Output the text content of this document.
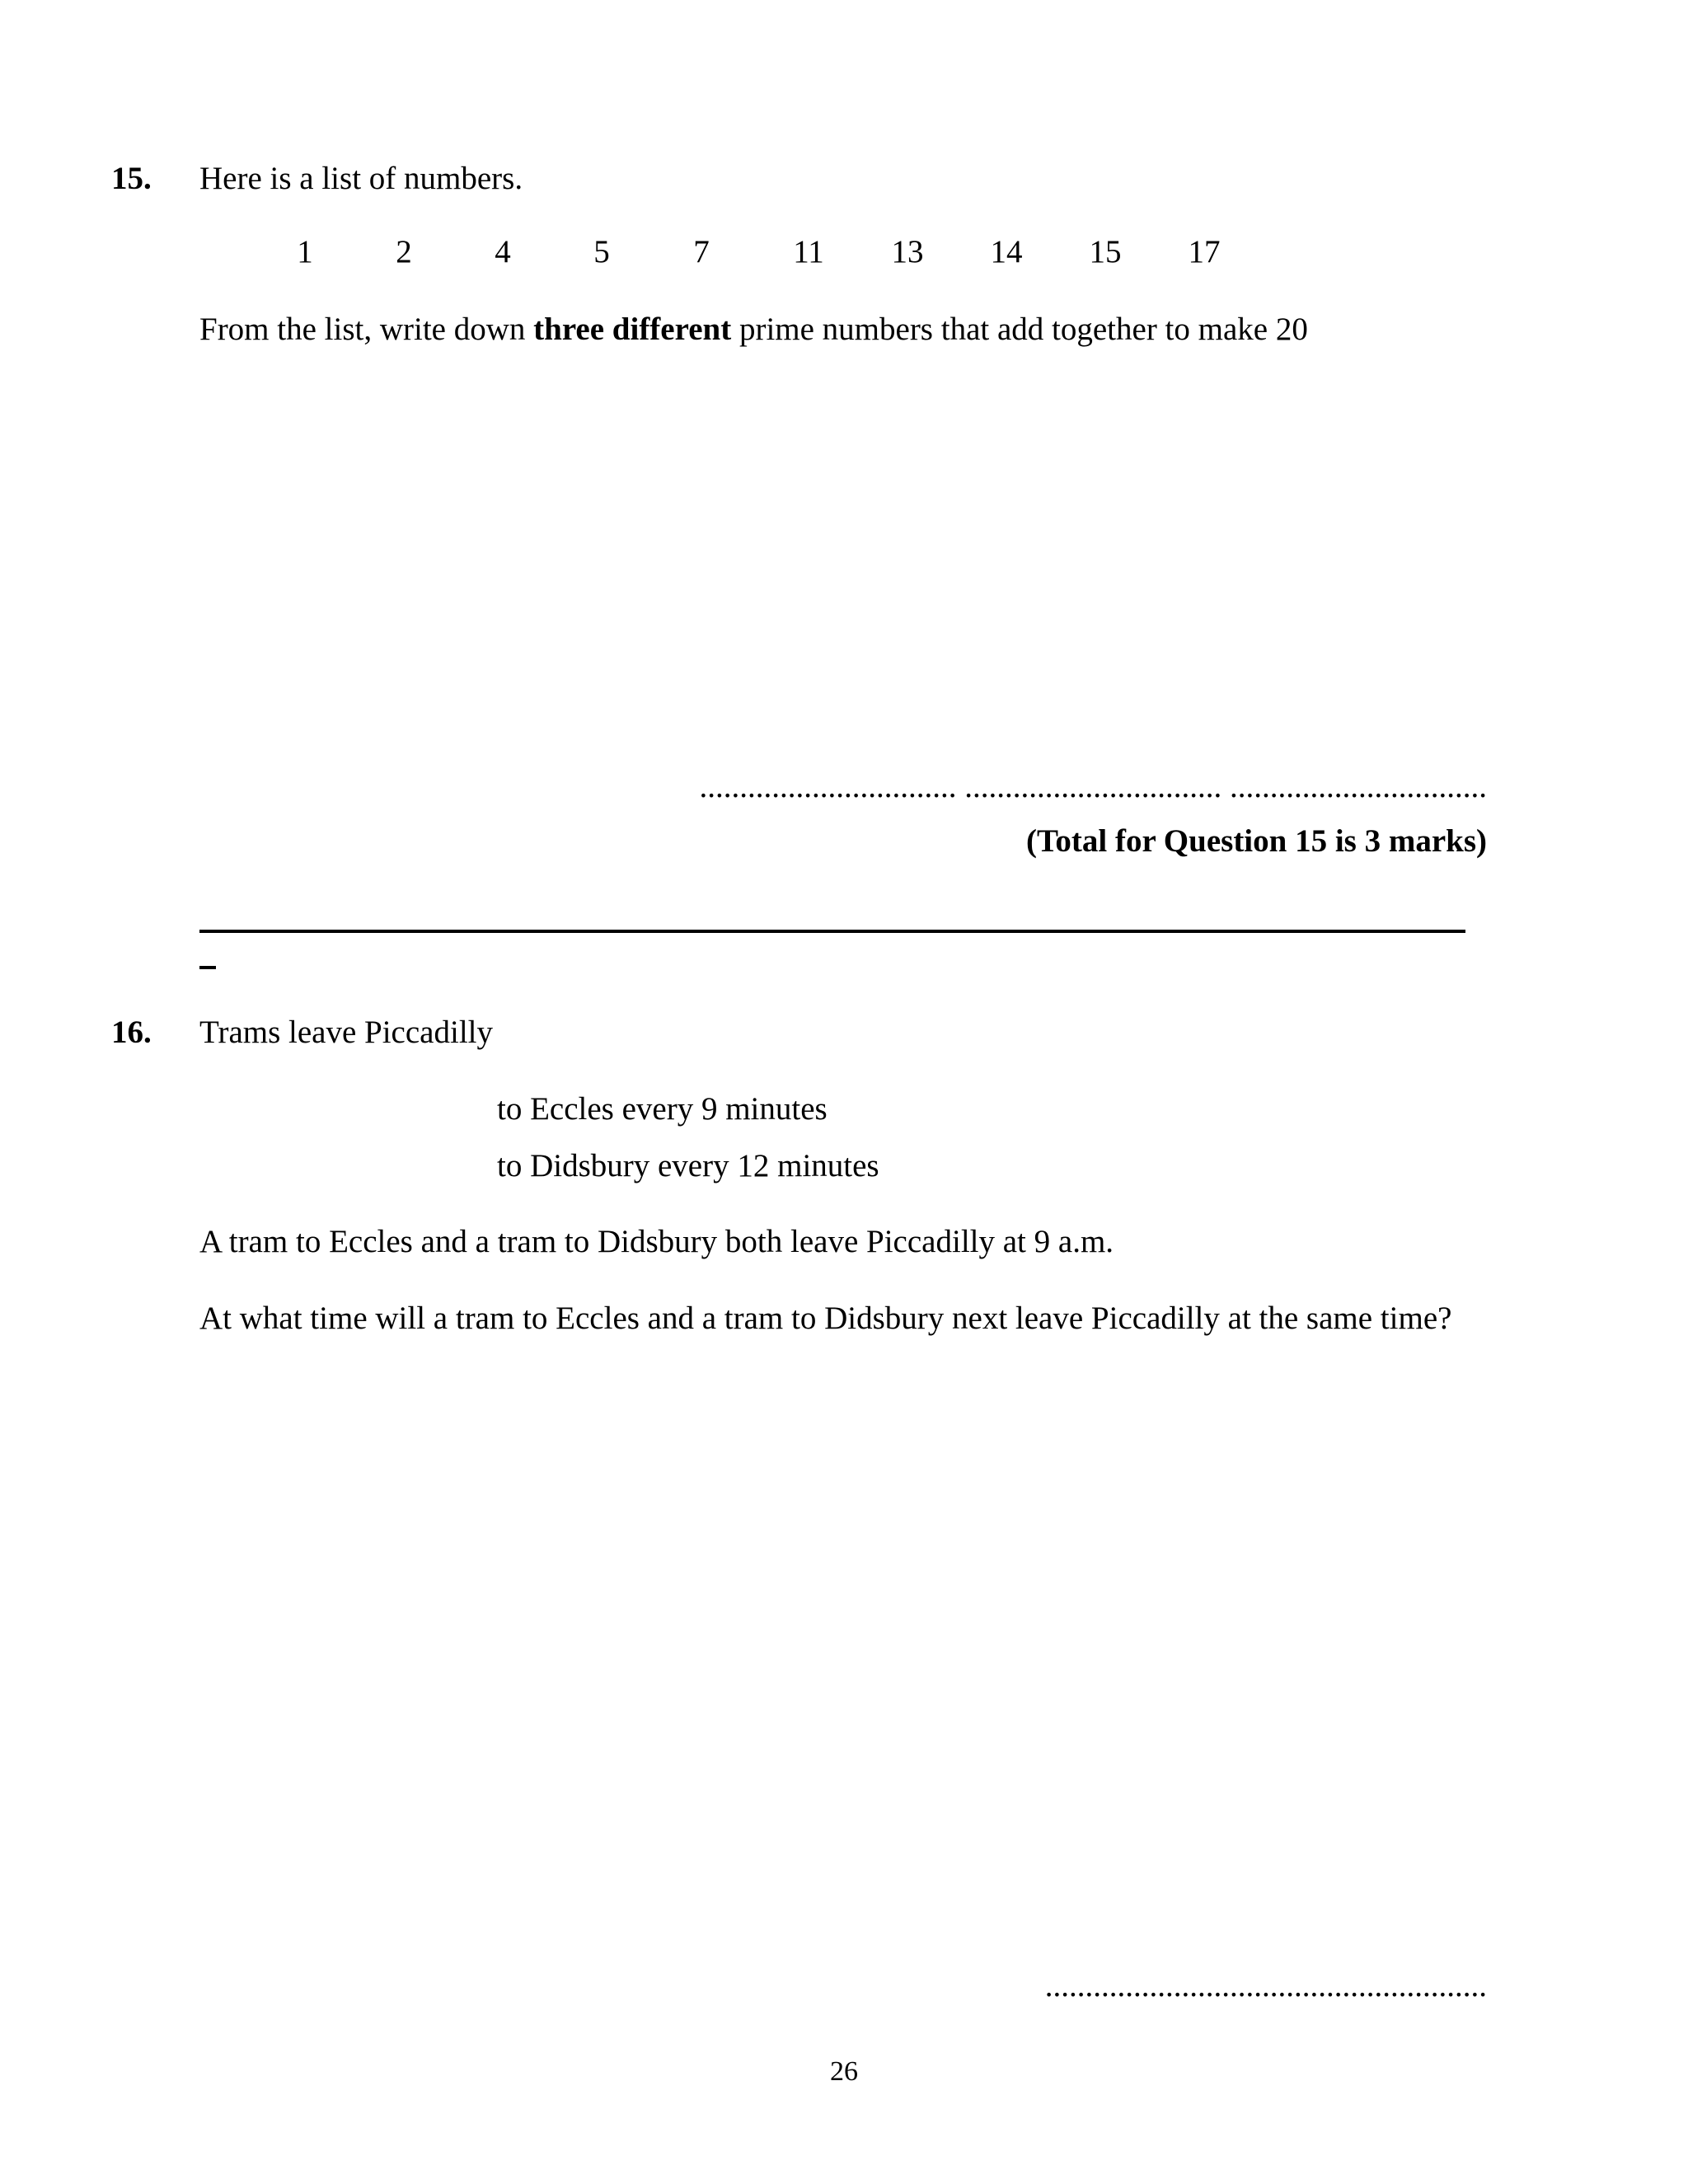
15. Here is a list of numbers.
1	2	4	5	7	11 13 14 15 17
From the list, write down three different prime numbers that add together to make 20
................................ ................................ ................................
(Total for Question 15 is 3 marks)
16. Trams leave Piccadilly
to Eccles every 9 minutes
to Didsbury every 12 minutes
A tram to Eccles and a tram to Didsbury both leave Piccadilly at 9 a.m.
At what time will a tram to Eccles and a tram to Didsbury next leave Piccadilly at the same time?
.......................................................
26
